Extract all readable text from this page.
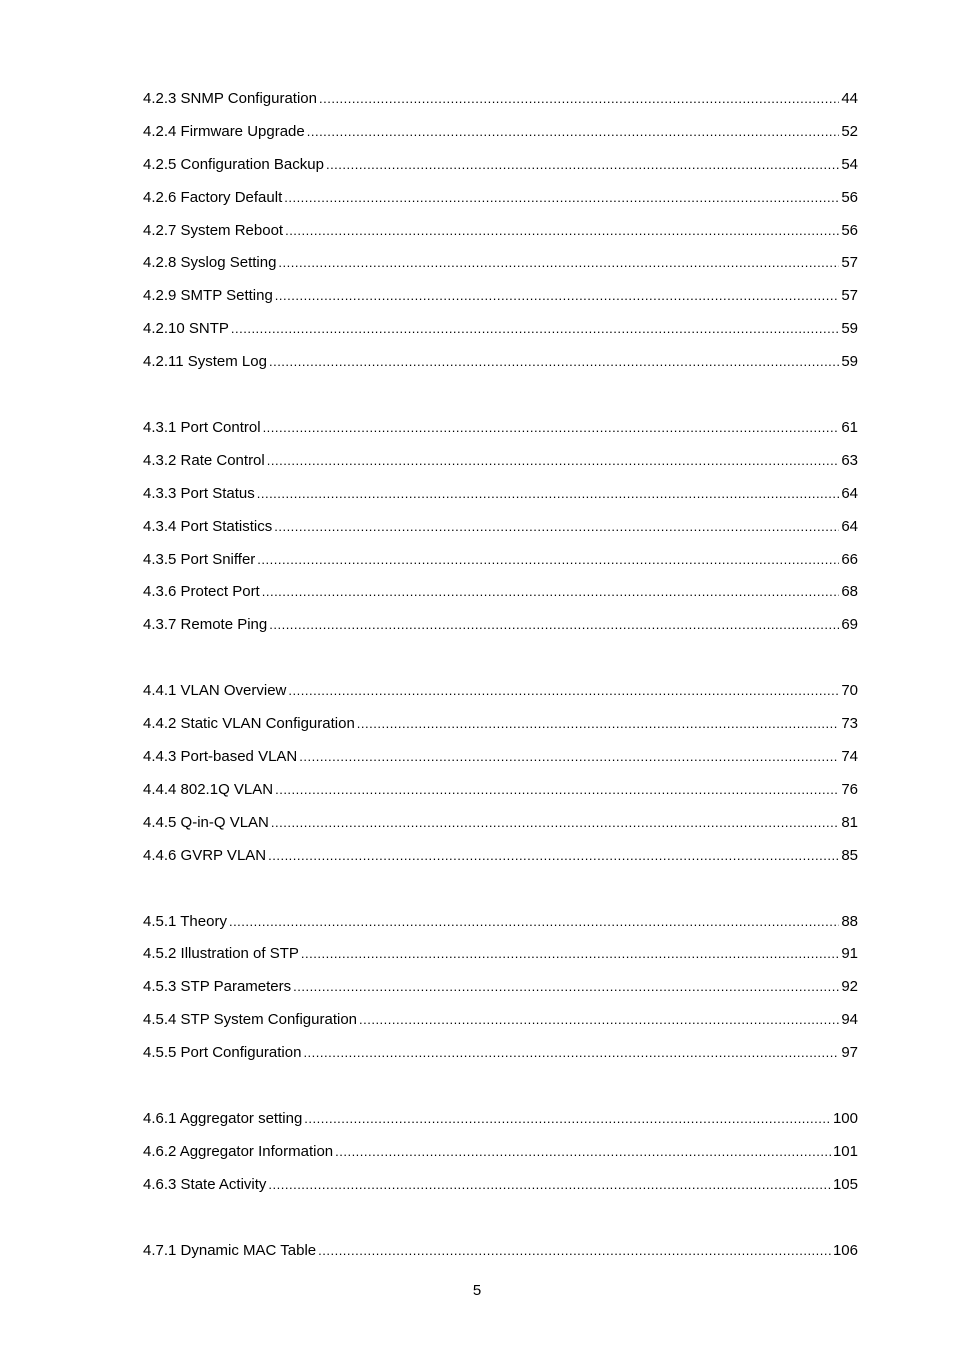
4.2.3 SNMP Configuration .....	44
4.2.4 Firmware Upgrade .....	52
4.2.5 Configuration Backup .....	54
4.2.6 Factory Default .....	56
4.2.7 System Reboot .....	56
4.2.8 Syslog Setting .....	57
4.2.9 SMTP Setting .....	57
4.2.10 SNTP .....	59
4.2.11 System Log .....	59
4.3.1 Port Control .....	61
4.3.2 Rate Control .....	63
4.3.3 Port Status .....	64
4.3.4 Port Statistics .....	64
4.3.5 Port Sniffer .....	66
4.3.6 Protect Port .....	68
4.3.7 Remote Ping .....	69
4.4.1 VLAN Overview .....	70
4.4.2 Static VLAN Configuration .....	73
4.4.3 Port-based VLAN .....	74
4.4.4 802.1Q VLAN .....	76
4.4.5 Q-in-Q VLAN .....	81
4.4.6 GVRP VLAN .....	85
4.5.1 Theory .....	88
4.5.2 Illustration of STP .....	91
4.5.3 STP Parameters .....	92
4.5.4 STP System Configuration .....	94
4.5.5 Port Configuration .....	97
4.6.1 Aggregator setting .....	100
4.6.2 Aggregator Information .....	101
4.6.3 State Activity .....	105
4.7.1 Dynamic MAC Table .....	106
5
